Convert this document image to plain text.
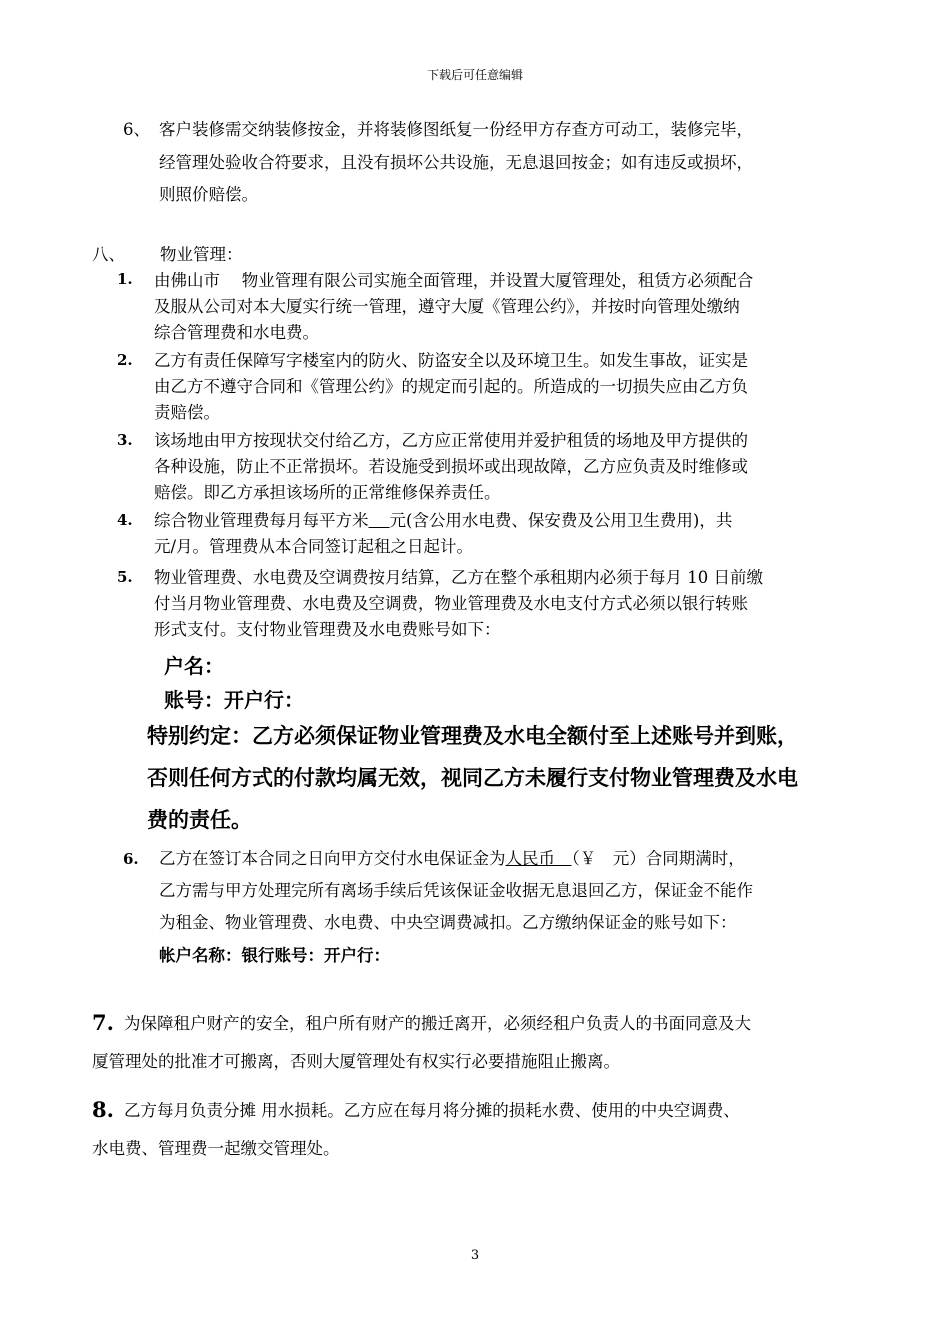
下载后可任意编辑
6、 客户装修需交纳装修按金，并将装修图纸复一份经甲方存查方可动工，装修完毕，
经管理处验收合符要求，且没有损坏公共设施，无息退回按金；如有违反或损坏，
则照价赔偿。
八、 物业管理：
1. 由佛山市　 物业管理有限公司实施全面管理，并设置大厦管理处，租赁方必须配合
及服从公司对本大厦实行统一管理，遵守大厦《管理公约》，并按时向管理处缴纳
综合管理费和水电费。
2. 乙方有责任保障写字楼室内的防火、防盗安全以及环境卫生。如发生事故，证实是
由乙方不遵守合同和《管理公约》的规定而引起的。所造成的一切损失应由乙方负
责赔偿。
3. 该场地由甲方按现状交付给乙方，乙方应正常使用并爱护租赁的场地及甲方提供的
各种设施，防止不正常损坏。若设施受到损坏或出现故障，乙方应负责及时维修或
赔偿。即乙方承担该场所的正常维修保养责任。
4. 综合物业管理费每月每平方米 元(含公用水电费、保安费及公用卫生费用)，共
元/月。管理费从本合同签订起租之日起计。
5. 物业管理费、水电费及空调费按月结算，乙方在整个承租期内必须于每月 10 日前缴
付当月物业管理费、水电费及空调费，物业管理费及水电支付方式必须以银行转账
形式支付。支付物业管理费及水电费账号如下：
户名：
账号：开户行：
特别约定：乙方必须保证物业管理费及水电全额付至上述账号并到账，
否则任何方式的付款均属无效，视同乙方未履行支付物业管理费及水电
费的责任。
6. 乙方在签订本合同之日向甲方交付水电保证金为人民币　（￥　元）合同期满时，
乙方需与甲方处理完所有离场手续后凭该保证金收据无息退回乙方，保证金不能作
为租金、物业管理费、水电费、中央空调费减扣。乙方缴纳保证金的账号如下：
帐户名称：银行账号：开户行：
7. 为保障租户财产的安全，租户所有财产的搬迁离开，必须经租户负责人的书面同意及大
厦管理处的批准才可搬离，否则大厦管理处有权实行必要措施阻止搬离。
8. 乙方每月负责分摊 用水损耗。乙方应在每月将分摊的损耗水费、使用的中央空调费、
水电费、管理费一起缴交管理处。
3
